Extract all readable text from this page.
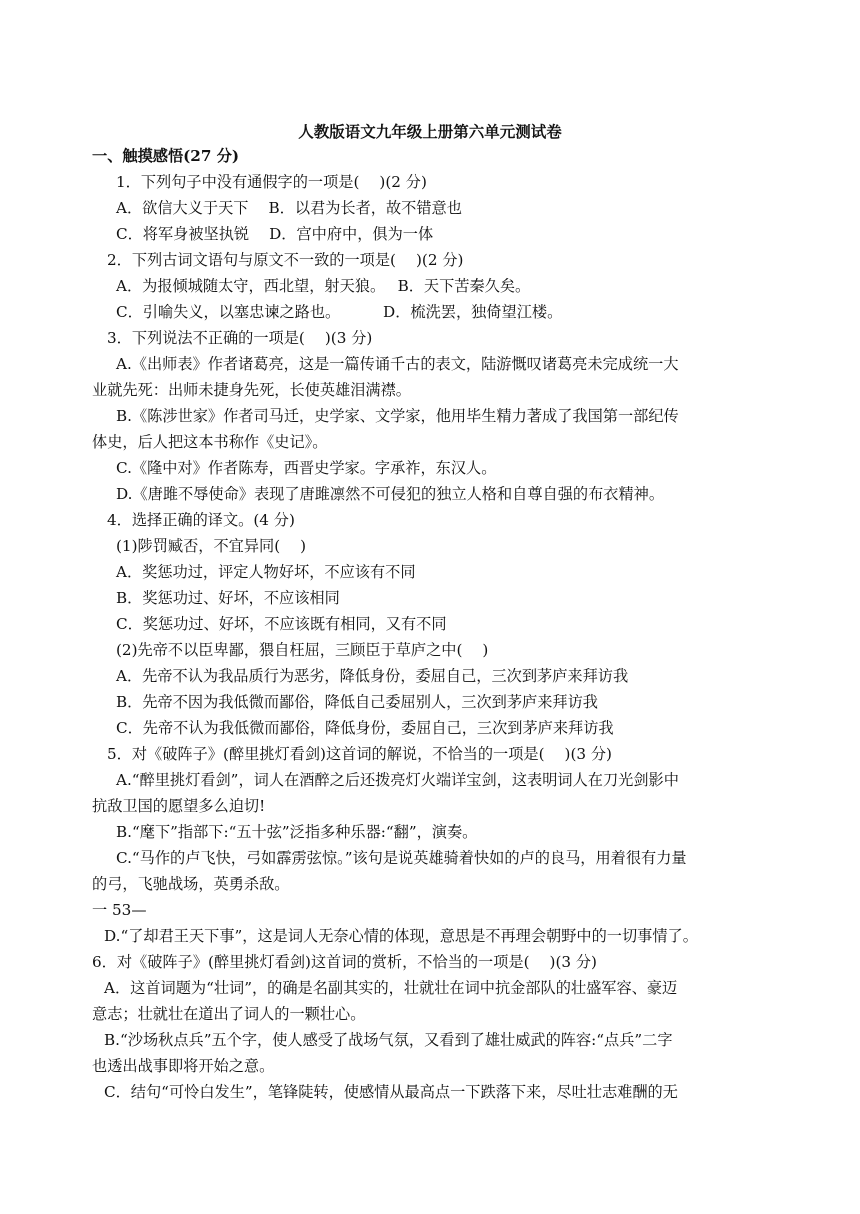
人教版语文九年级上册第六单元测试卷
一、触摸感悟(27 分)
1．下列句子中没有通假字的一项是(　 )(2 分)
A．欲信大义于天下　 B．以君为长者，故不错意也
C．将军身被坚执锐　 D．宫中府中，俱为一体
2．下列古词文语句与原文不一致的一项是(　 )(2 分)
A．为报倾城随太守，西北望，射天狼。　 B．天下苦秦久矣。
C．引喻失义，以塞忠谏之路也。　　　 D．梳洗罢，独倚望江楼。
3．下列说法不正确的一项是(　 )(3 分)
A.《出师表》作者诸葛亮，这是一篇传诵千古的表文，陆游慨叹诸葛亮未完成统一大
业就先死：出师未捷身先死，长使英雄泪满襟。
B.《陈涉世家》作者司马迁，史学家、文学家，他用毕生精力著成了我国第一部纪传
体史，后人把这本书称作《史记》。
C.《隆中对》作者陈寿，西晋史学家。字承祚，东汉人。
D.《唐雎不辱使命》表现了唐雎凛然不可侵犯的独立人格和自尊自强的布衣精神。
4．选择正确的译文。(4 分)
(1)陟罚臧否，不宜异同(　 )
A．奖惩功过，评定人物好坏，不应该有不同
B．奖惩功过、好坏，不应该相同
C．奖惩功过、好坏，不应该既有相同，又有不同
(2)先帝不以臣卑鄙，猥自枉屈，三顾臣于草庐之中(　 )
A．先帝不认为我品质行为恶劣，降低身份，委屈自己，三次到茅庐来拜访我
B．先帝不因为我低微而鄙俗，降低自己委屈别人，三次到茅庐来拜访我
C．先帝不认为我低微而鄙俗，降低身份，委屈自己，三次到茅庐来拜访我
5．对《破阵子》(醉里挑灯看剑)这首词的解说，不恰当的一项是(　 )(3 分)
A.“醉里挑灯看剑”，词人在酒醉之后还拨亮灯火端详宝剑，这表明词人在刀光剑影中
抗敌卫国的愿望多么迫切!
B.“麾下”指部下:“五十弦”泛指多种乐器:“翻”，演奏。
C.“马作的卢飞快，弓如霹雳弦惊。”该句是说英雄骑着快如的卢的良马，用着很有力量
的弓，飞驰战场，英勇杀敌。
一 53—
D.“了却君王天下事”，这是词人无奈心情的体现，意思是不再理会朝野中的一切事情了。
6．对《破阵子》(醉里挑灯看剑)这首词的赏析，不恰当的一项是(　 )(3 分)
A．这首词题为“壮词”，的确是名副其实的，壮就壮在词中抗金部队的壮盛军容、豪迈
意志；壮就壮在道出了词人的一颗壮心。
B.“沙场秋点兵”五个字，使人感受了战场气氛，又看到了雄壮威武的阵容:“点兵”二字
也透出战事即将开始之意。
C．结句“可怜白发生”，笔锋陡转，使感情从最高点一下跌落下来，尽吐壮志难酬的无
